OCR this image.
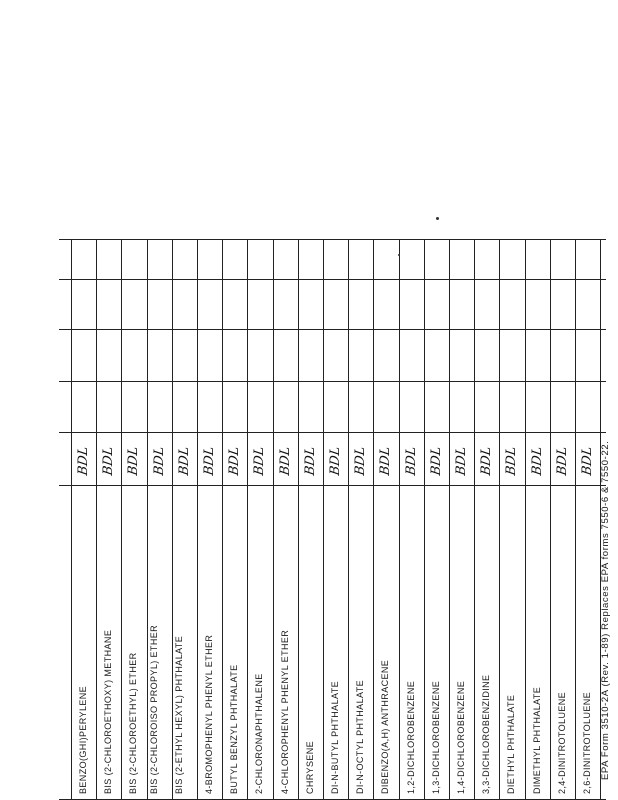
BENZO(GHI)PERYLENE
BDL
BIS (2-CHLOROETHOXY) METHANE
BDL
BIS (2-CHLOROETHYL) ETHER
BDL
BIS (2-CHLOROISO PROPYL) ETHER
BDL
BIS (2-ETHYL HEXYL) PHTHALATE
BDL
4-BROMOPHENYL PHENYL ETHER
BDL
BUTYL BENZYL PHTHALATE
BDL
2-CHLORONAPHTHALENE
BDL
4-CHLOROPHENYL PHENYL ETHER
BDL
CHRYSENE
BDL
DI-N-BUTYL PHTHALATE
BDL
DI-N-OCTYL PHTHALATE
BDL
DIBENZO(A,H) ANTHRACENE
BDL
1,2-DICHLOROBENZENE
BDL
1,3-DICHLOROBENZENE
BDL
1,4-DICHLOROBENZENE
BDL
3,3-DICHLOROBENZIDINE
BDL
DIETHYL PHTHALATE
BDL
DIMETHYL PHTHALATE
BDL
2,4-DINITROTOLUENE
BDL
2,6-DINITROTOLUENE
BDL EPA Form 3510-2A (Rev. 1-89) Replaces EPA forms 7550-6 & 7550-22.
